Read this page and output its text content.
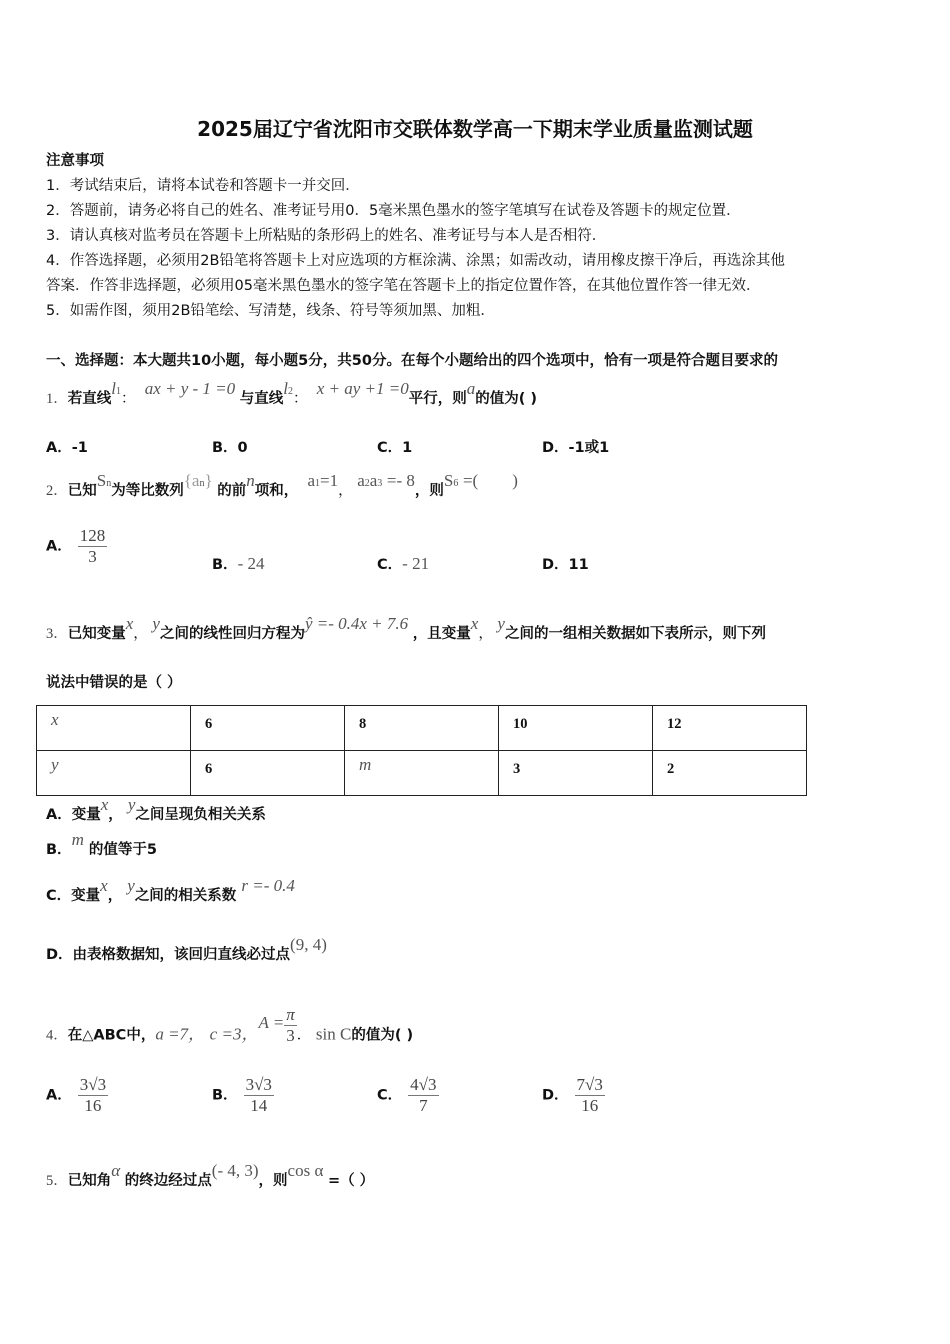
2025届辽宁省沈阳市交联体数学高一下期末学业质量监测试题
注意事项
1．考试结束后，请将本试卷和答题卡一并交回．
2．答题前，请务必将自己的姓名、准考证号用0．5毫米黑色墨水的签字笔填写在试卷及答题卡的规定位置．
3．请认真核对监考员在答题卡上所粘贴的条形码上的姓名、准考证号与本人是否相符．
4．作答选择题，必须用2B铅笔将答题卡上对应选项的方框涂满、涂黑；如需改动，请用橡皮擦干净后，再选涂其他
答案．作答非选择题，必须用05毫米黑色墨水的签字笔在答题卡上的指定位置作答，在其他位置作答一律无效．
5．如需作图，须用2B铅笔绘、写清楚，线条、符号等须加黑、加粗．
一、选择题：本大题共10小题，每小题5分，共50分。在每个小题给出的四个选项中，恰有一项是符合题目要求的
1．若直线$l^1$：  ax + y - 1 =0 与直线$l^2$：  x + ay +1 =0平行，则a的值为( )
A．-1	B．0	C．1	D．-1或1
2．已知$S^n$为等比数列$\{a^n\}$ 的前n项和，  $a^1=1$， $a^2a^3 =- 8$，则$S^6$ =(        )
A． $\frac{128}{3}$	B．- 24	C．- 21	D．11
3．已知变量x， y之间的线性回归方程为ŷ =- 0.4x + 7.6 ，且变量x， y之间的一组相关数据如下表所示，则下列
说法中错误的是（ ）
x	6	8	10	12
y	6	m	3	2
A．变量x， y之间呈现负相关关系
B．m 的值等于5
C．变量x， y之间的相关系数 r =- 0.4
D．由表格数据知，该回归直线必过点(9, 4)
4．在△ABC中，a =7， c =3，$A = \frac{\pi}{3}$ ． sin C的值为( )
A． $\frac{3√3}{16}$	B． $\frac{3√3}{14}$	C． $\frac{4√3}{7}$	D． $\frac{7√3}{16}$
5．已知角α 的终边经过点(- 4, 3)，则cos α =（ ）
